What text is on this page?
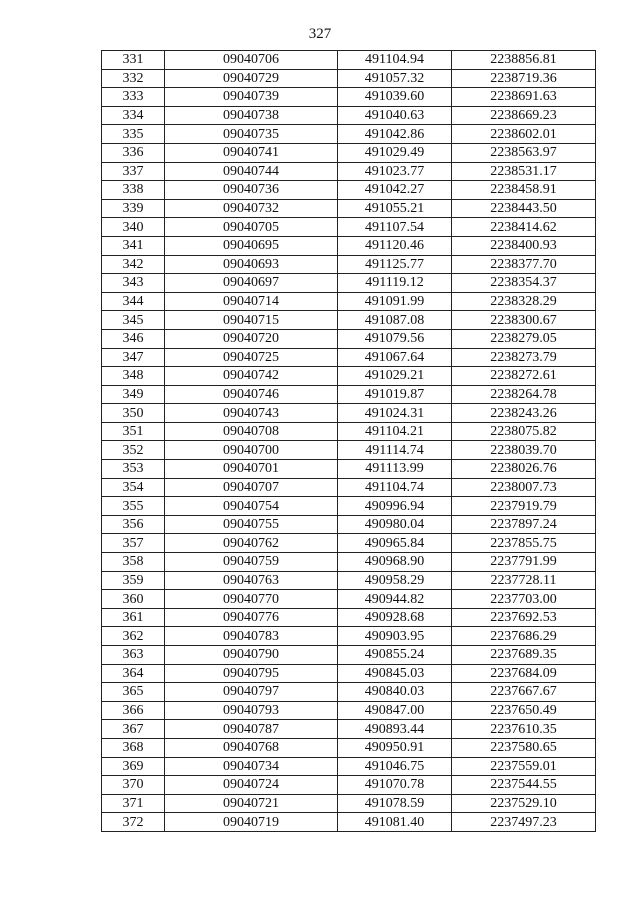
327
331	09040706	491104.94	2238856.81
332	09040729	491057.32	2238719.36
333	09040739	491039.60	2238691.63
334	09040738	491040.63	2238669.23
335	09040735	491042.86	2238602.01
336	09040741	491029.49	2238563.97
337	09040744	491023.77	2238531.17
338	09040736	491042.27	2238458.91
339	09040732	491055.21	2238443.50
340	09040705	491107.54	2238414.62
341	09040695	491120.46	2238400.93
342	09040693	491125.77	2238377.70
343	09040697	491119.12	2238354.37
344	09040714	491091.99	2238328.29
345	09040715	491087.08	2238300.67
346	09040720	491079.56	2238279.05
347	09040725	491067.64	2238273.79
348	09040742	491029.21	2238272.61
349	09040746	491019.87	2238264.78
350	09040743	491024.31	2238243.26
351	09040708	491104.21	2238075.82
352	09040700	491114.74	2238039.70
353	09040701	491113.99	2238026.76
354	09040707	491104.74	2238007.73
355	09040754	490996.94	2237919.79
356	09040755	490980.04	2237897.24
357	09040762	490965.84	2237855.75
358	09040759	490968.90	2237791.99
359	09040763	490958.29	2237728.11
360	09040770	490944.82	2237703.00
361	09040776	490928.68	2237692.53
362	09040783	490903.95	2237686.29
363	09040790	490855.24	2237689.35
364	09040795	490845.03	2237684.09
365	09040797	490840.03	2237667.67
366	09040793	490847.00	2237650.49
367	09040787	490893.44	2237610.35
368	09040768	490950.91	2237580.65
369	09040734	491046.75	2237559.01
370	09040724	491070.78	2237544.55
371	09040721	491078.59	2237529.10
372	09040719	491081.40	2237497.23
